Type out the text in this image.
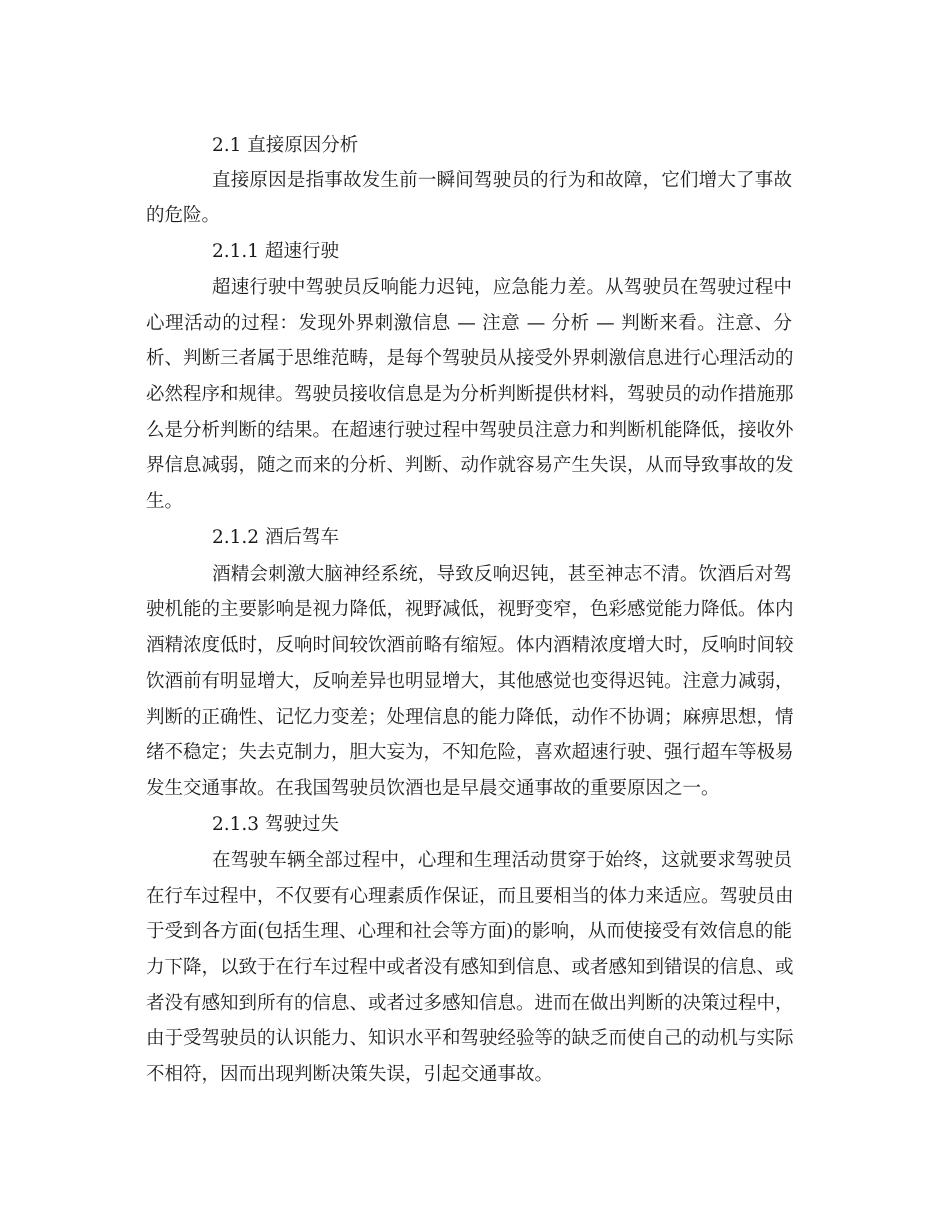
2.1 直接原因分析
直接原因是指事故发生前一瞬间驾驶员的行为和故障，它们增大了事故
的危险。
2.1.1 超速行驶
超速行驶中驾驶员反响能力迟钝，应急能力差。从驾驶员在驾驶过程中
心理活动的过程：发现外界刺激信息 — 注意 — 分析 — 判断来看。注意、分
析、判断三者属于思维范畴，是每个驾驶员从接受外界刺激信息进行心理活动的
必然程序和规律。驾驶员接收信息是为分析判断提供材料，驾驶员的动作措施那
么是分析判断的结果。在超速行驶过程中驾驶员注意力和判断机能降低，接收外
界信息减弱，随之而来的分析、判断、动作就容易产生失误，从而导致事故的发
生。
2.1.2 酒后驾车
酒精会刺激大脑神经系统，导致反响迟钝，甚至神志不清。饮酒后对驾
驶机能的主要影响是视力降低，视野减低，视野变窄，色彩感觉能力降低。体内
酒精浓度低时，反响时间较饮酒前略有缩短。体内酒精浓度增大时，反响时间较
饮酒前有明显增大，反响差异也明显增大，其他感觉也变得迟钝。注意力减弱，
判断的正确性、记忆力变差；处理信息的能力降低，动作不协调；麻痹思想，情
绪不稳定；失去克制力，胆大妄为，不知危险，喜欢超速行驶、强行超车等极易
发生交通事故。在我国驾驶员饮酒也是早晨交通事故的重要原因之一。
2.1.3 驾驶过失
在驾驶车辆全部过程中，心理和生理活动贯穿于始终，这就要求驾驶员
在行车过程中，不仅要有心理素质作保证，而且要相当的体力来适应。驾驶员由
于受到各方面(包括生理、心理和社会等方面)的影响，从而使接受有效信息的能
力下降，以致于在行车过程中或者没有感知到信息、或者感知到错误的信息、或
者没有感知到所有的信息、或者过多感知信息。进而在做出判断的决策过程中，
由于受驾驶员的认识能力、知识水平和驾驶经验等的缺乏而使自己的动机与实际
不相符，因而出现判断决策失误，引起交通事故。
